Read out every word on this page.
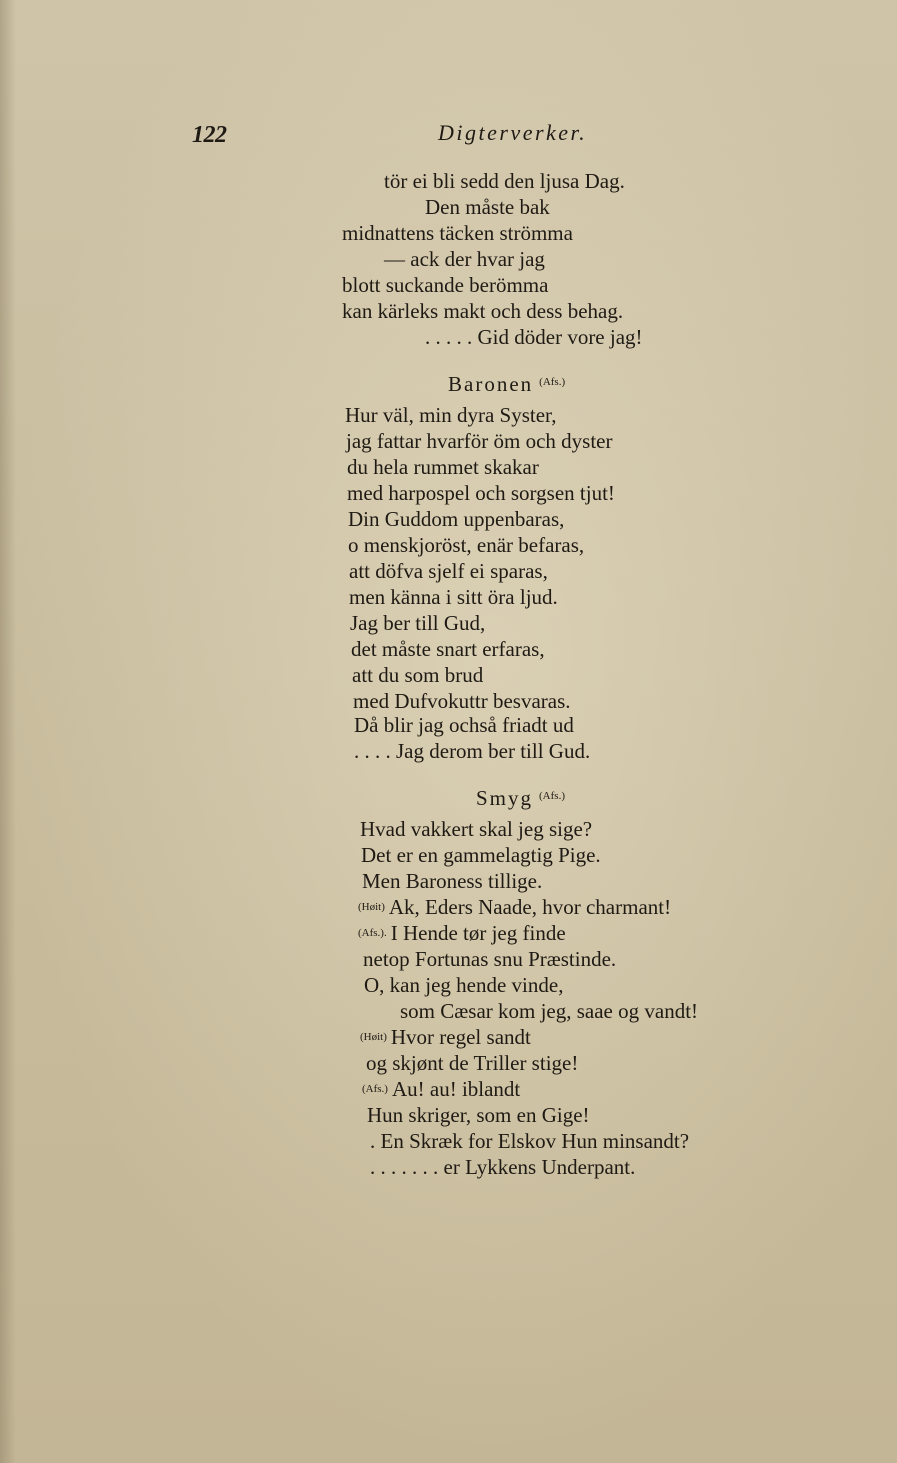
122	Digterverker.
tör ei bli sedd den ljusa Dag.
Den måste bak
midnattens täcken strömma
— ack der hvar jag
blott suckande berömma
kan kärleks makt och dess behag.
. . . . . Gid döder vore jag!
Baronen $^{(Afs.)}$
Hur väl, min dyra Syster,
jag fattar hvarför öm och dyster
du hela rummet skakar
med harpospel och sorgsen tjut!
Din Guddom uppenbaras,
o menskjoröst, enär befaras,
att döfva sjelf ei sparas,
men känna i sitt öra ljud.
Jag ber till Gud,
det måste snart erfaras,
att du som brud
med Dufvokuttr besvaras.
Då blir jag ochså friadt ud
. . . . Jag derom ber till Gud.
Smyg $^{(Afs.)}$
Hvad vakkert skal jeg sige?
Det er en gammelagtig Pige.
Men Baroness tillige.
(Høit) Ak, Eders Naade, hvor charmant!
(Afs.). I Hende tør jeg finde
netop Fortunas snu Præstinde.
O, kan jeg hende vinde,
som Cæsar kom jeg, saae og vandt!
(Høit) Hvor regel sandt
og skjønt de Triller stige!
(Afs.) Au! au! iblandt
Hun skriger, som en Gige!
. En Skræk for Elskov Hun minsandt?
. . . . . . . er Lykkens Underpant.
